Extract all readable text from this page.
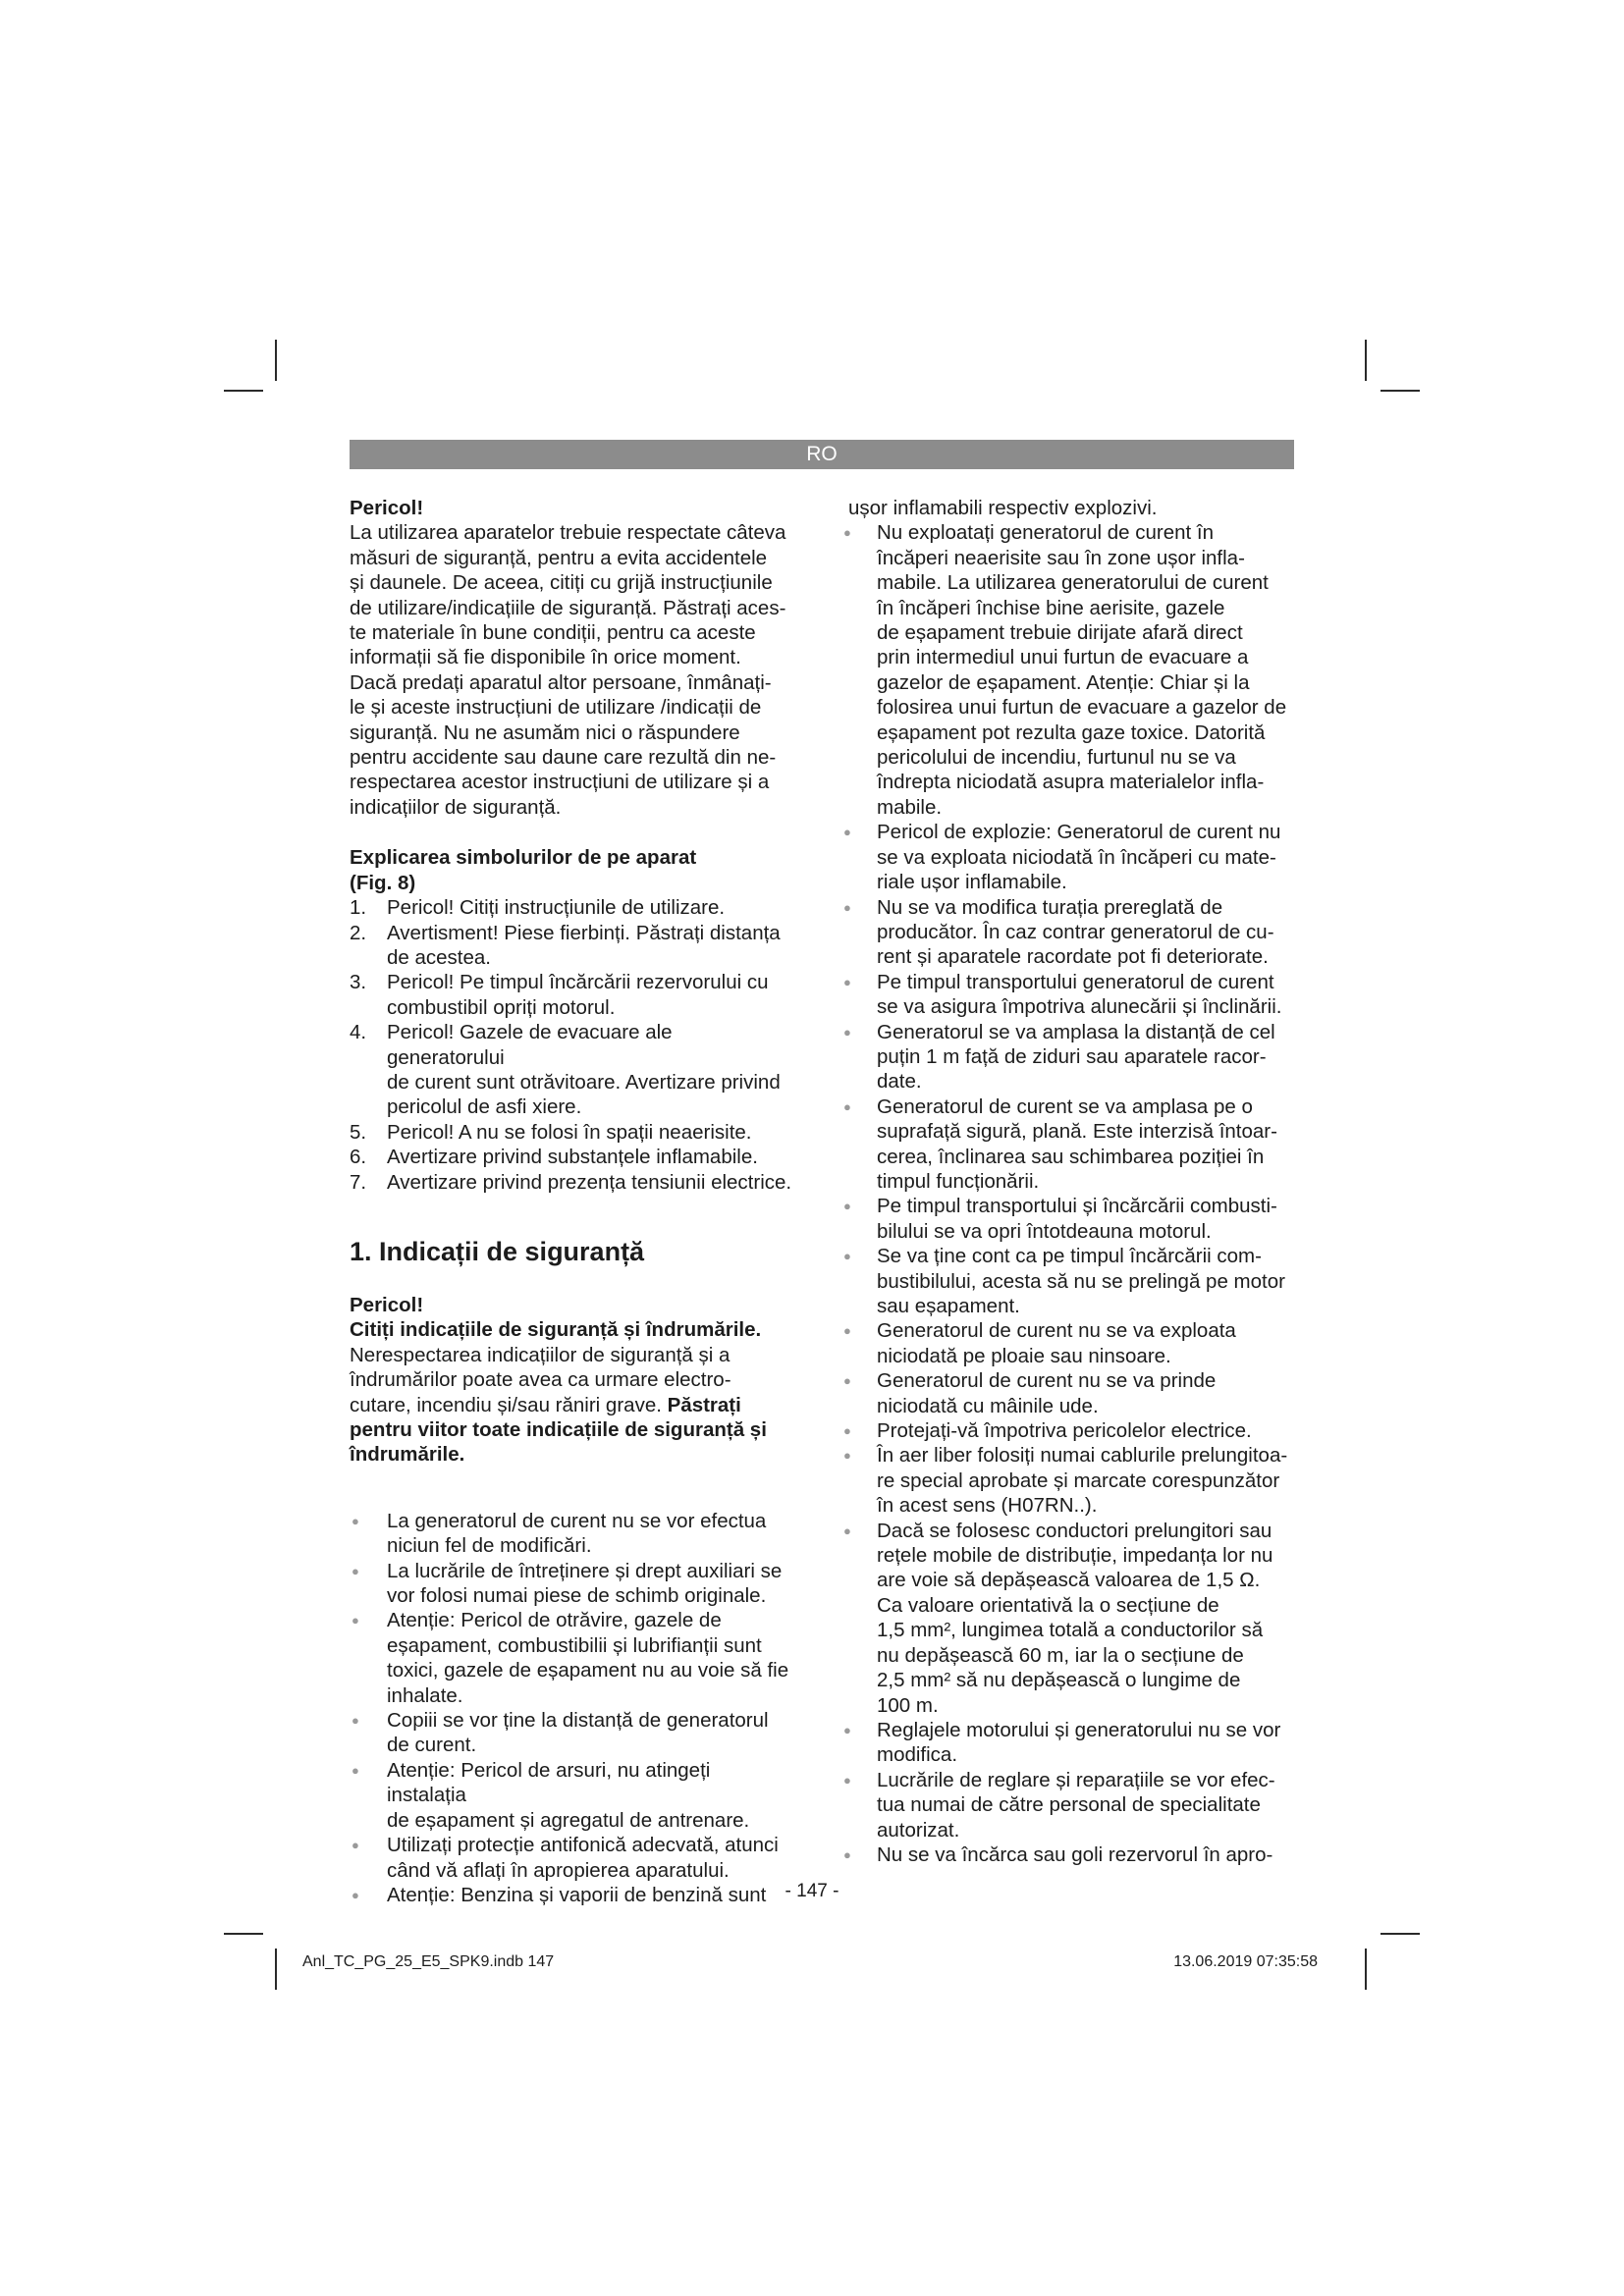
RO

Pericol!

La utilizarea aparatelor trebuie respectate câteva

măsuri de siguranță, pentru a evita accidentele

și daunele. De aceea, citiți cu grijă instrucțiunile

de utilizare/indicațiile de siguranță. Păstrați aces-

te materiale în bune condiții, pentru ca aceste

informații să fie disponibile în orice moment.

Dacă predați aparatul altor persoane, înmânați-

le și aceste instrucțiuni de utilizare /indicații de

siguranță. Nu ne asumăm nici o răspundere

pentru accidente sau daune care rezultă din ne-

respectarea acestor instrucțiuni de utilizare și a

indicațiilor de siguranță.

Explicarea simbolurilor de pe aparat

(Fig. 8)

1. Pericol! Citiți instrucțiunile de utilizare.
2. Avertisment! Piese fierbinți. Păstrați distanța
de acestea.
3. Pericol! Pe timpul încărcării rezervorului cu
combustibil opriți motorul.
4. Pericol! Gazele de evacuare ale generatorului
de curent sunt otrăvitoare. Avertizare privind
pericolul de asfi xiere.
5. Pericol! A nu se folosi în spații neaerisite.
6. Avertizare privind substanțele inflamabile.
7. Avertizare privind prezența tensiunii electrice.
1. Indicații de siguranță

Pericol!

Citiți indicațiile de siguranță și îndrumările.

Nerespectarea indicațiilor de siguranță și a

îndrumărilor poate avea ca urmare electro-

cutare, incendiu și/sau răniri grave. Păstrați

pentru viitor toate indicațiile de siguranță și

îndrumările.

● La generatorul de curent nu se vor efectua
niciun fel de modificări.
● La lucrările de întreținere și drept auxiliari se
vor folosi numai piese de schimb originale.
● Atenție: Pericol de otrăvire, gazele de
eșapament, combustibilii și lubrifianții sunt
toxici, gazele de eșapament nu au voie să fie
inhalate.
● Copiii se vor ține la distanță de generatorul
de curent.
● Atenție: Pericol de arsuri, nu atingeți instalația
de eșapament și agregatul de antrenare.
● Utilizați protecție antifonică adecvată, atunci
când vă aflați în apropierea aparatului.
● Atenție: Benzina și vaporii de benzină sunt

ușor inflamabili respectiv explozivi.

● Nu exploatați generatorul de curent în
încăperi neaerisite sau în zone ușor infla-
mabile. La utilizarea generatorului de curent
în încăperi închise bine aerisite, gazele
de eșapament trebuie dirijate afară direct
prin intermediul unui furtun de evacuare a
gazelor de eșapament. Atenție: Chiar și la
folosirea unui furtun de evacuare a gazelor de
eșapament pot rezulta gaze toxice. Datorită
pericolului de incendiu, furtunul nu se va
îndrepta niciodată asupra materialelor infla-
mabile.
● Pericol de explozie: Generatorul de curent nu
se va exploata niciodată în încăperi cu mate-
riale ușor inflamabile.
● Nu se va modifica turația prereglată de
producător. În caz contrar generatorul de cu-
rent și aparatele racordate pot fi deteriorate.
● Pe timpul transportului generatorul de curent
se va asigura împotriva alunecării și înclinării.
● Generatorul se va amplasa la distanță de cel
puțin 1 m față de ziduri sau aparatele racor-
date.
● Generatorul de curent se va amplasa pe o
suprafață sigură, plană. Este interzisă întoar-
cerea, înclinarea sau schimbarea poziției în
timpul funcționării.
● Pe timpul transportului și încărcării combusti-
bilului se va opri întotdeauna motorul.
● Se va ține cont ca pe timpul încărcării com-
bustibilului, acesta să nu se prelingă pe motor
sau eșapament.
● Generatorul de curent nu se va exploata
niciodată pe ploaie sau ninsoare.
● Generatorul de curent nu se va prinde
niciodată cu mâinile ude.
● Protejați-vă împotriva pericolelor electrice.
● În aer liber folosiți numai cablurile prelungitoa-
re special aprobate și marcate corespunzător
în acest sens (H07RN..).
● Dacă se folosesc conductori prelungitori sau
rețele mobile de distribuție, impedanța lor nu
are voie să depășească valoarea de 1,5 Ω.
Ca valoare orientativă la o secțiune de
1,5 mm², lungimea totală a conductorilor să
nu depășească 60 m, iar la o secțiune de
2,5 mm² să nu depășească o lungime de
100 m.
● Reglajele motorului și generatorului nu se vor
modifica.
● Lucrările de reglare și reparațiile se vor efec-
tua numai de către personal de specialitate
autorizat.
● Nu se va încărca sau goli rezervorul în apro-
- 147 -
Anl_TC_PG_25_E5_SPK9.indb 147	13.06.2019 07:35:58
